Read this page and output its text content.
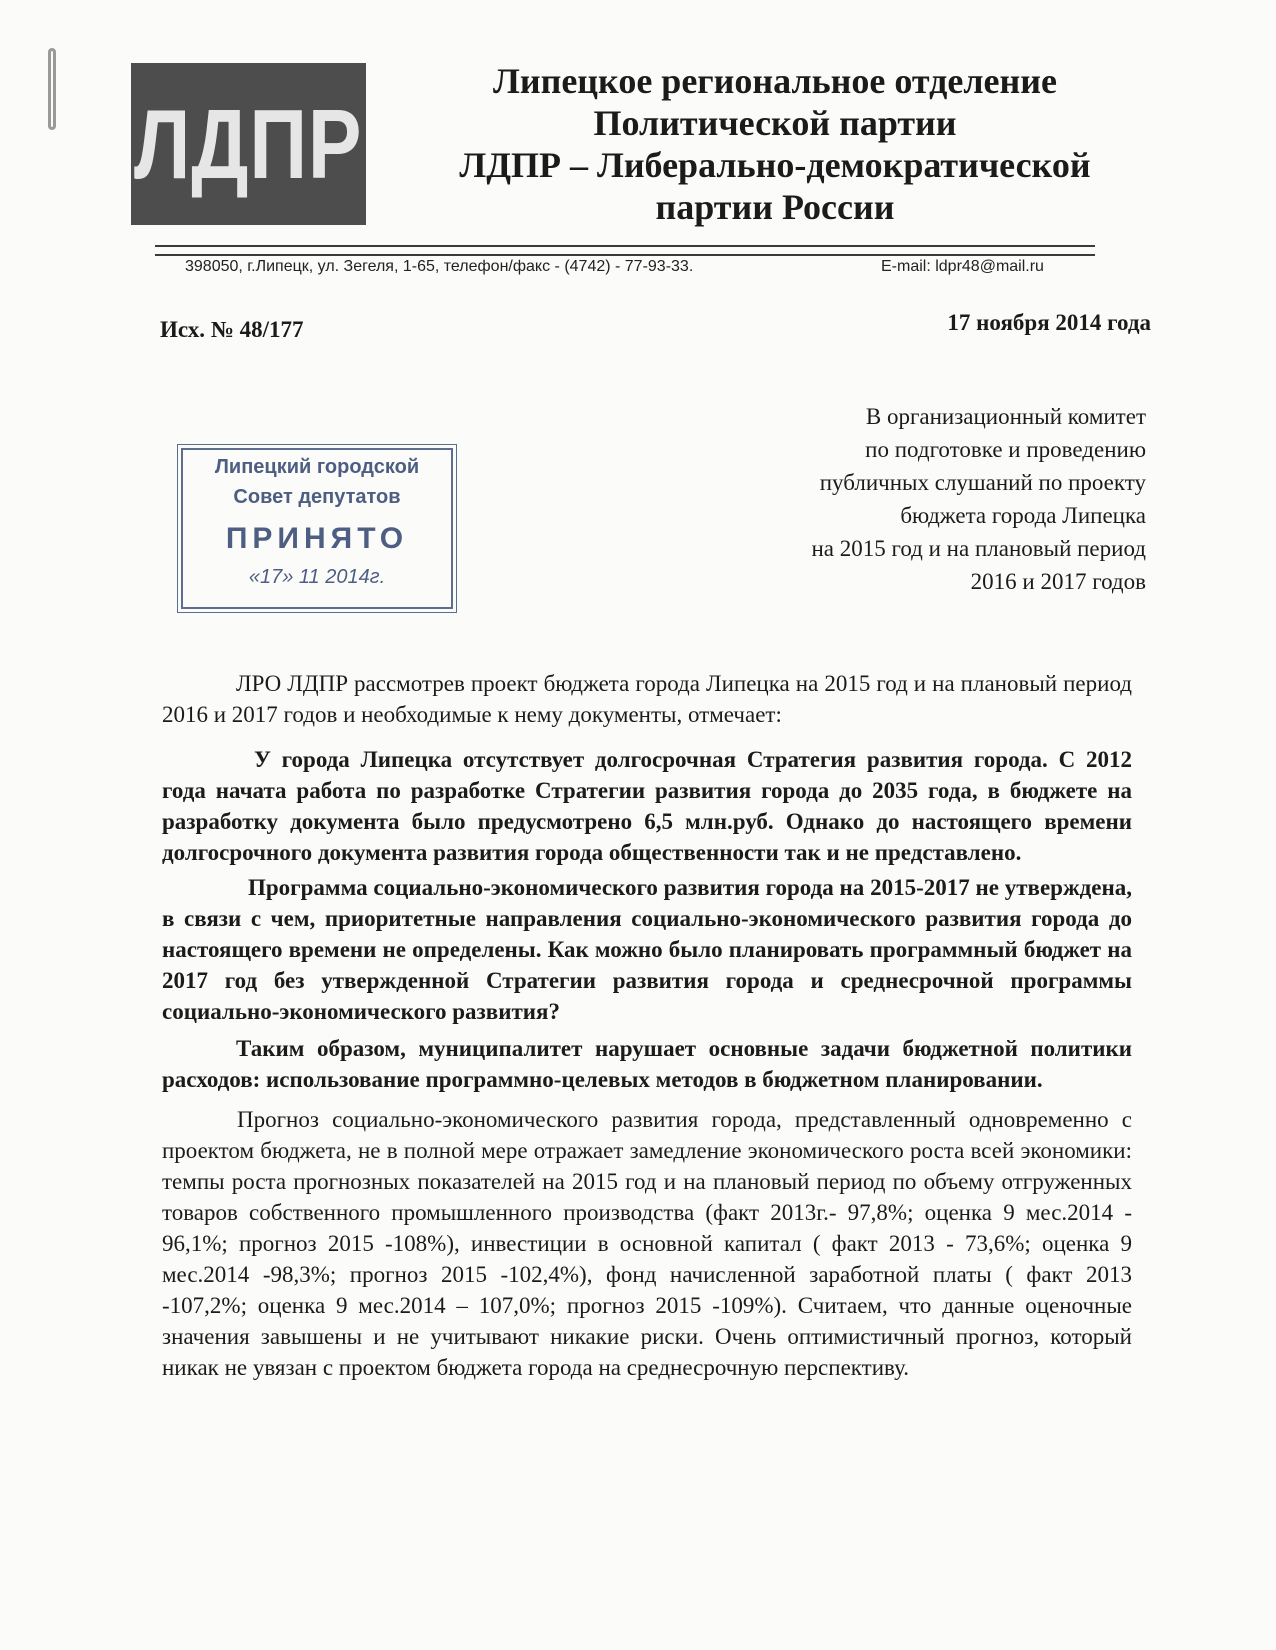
ЛДПР
Липецкое региональное отделение
Политической партии
ЛДПР – Либерально-демократической
партии России
398050, г.Липецк, ул. Зегеля, 1-65, телефон/факс - (4742) - 77-93-33.	E-mail: ldpr48@mail.ru
Исх. № 48/177	17 ноября 2014 года
Липецкий городской
Совет депутатов
ПРИНЯТО
«17» 11 2014г.
В организационный комитет
по подготовке и проведению
публичных слушаний по проекту
бюджета города Липецка
на 2015 год и на плановый период
2016 и 2017 годов

ЛРО ЛДПР рассмотрев проект бюджета города Липецка на 2015 год и на плановый период 2016 и 2017 годов и необходимые к нему документы, отмечает:

У города Липецка отсутствует долгосрочная Стратегия развития города. С 2012 года начата работа по разработке Стратегии развития города до 2035 года, в бюджете на разработку документа было предусмотрено 6,5 млн.руб. Однако до настоящего времени долгосрочного документа развития города общественности так и не представлено.

Программа социально-экономического развития города на 2015-2017 не утверждена, в связи с чем, приоритетные направления социально-экономического развития города до настоящего времени не определены. Как можно было планировать программный бюджет на 2017 год без утвержденной Стратегии развития города и среднесрочной программы социально-экономического развития?

Таким образом, муниципалитет нарушает основные задачи бюджетной политики расходов: использование программно-целевых методов в бюджетном планировании.

Прогноз социально-экономического развития города, представленный одновременно с проектом бюджета, не в полной мере отражает замедление экономического роста всей экономики: темпы роста прогнозных показателей на 2015 год и на плановый период по объему отгруженных товаров собственного промышленного производства (факт 2013г.- 97,8%; оценка 9 мес.2014 - 96,1%; прогноз 2015 -108%), инвестиции в основной капитал ( факт 2013 - 73,6%; оценка 9 мес.2014 -98,3%; прогноз 2015 -102,4%), фонд начисленной заработной платы ( факт 2013 -107,2%; оценка 9 мес.2014 – 107,0%; прогноз 2015 -109%). Считаем, что данные оценочные значения завышены и не учитывают никакие риски. Очень оптимистичный прогноз, который никак не увязан с проектом бюджета города на среднесрочную перспективу.
